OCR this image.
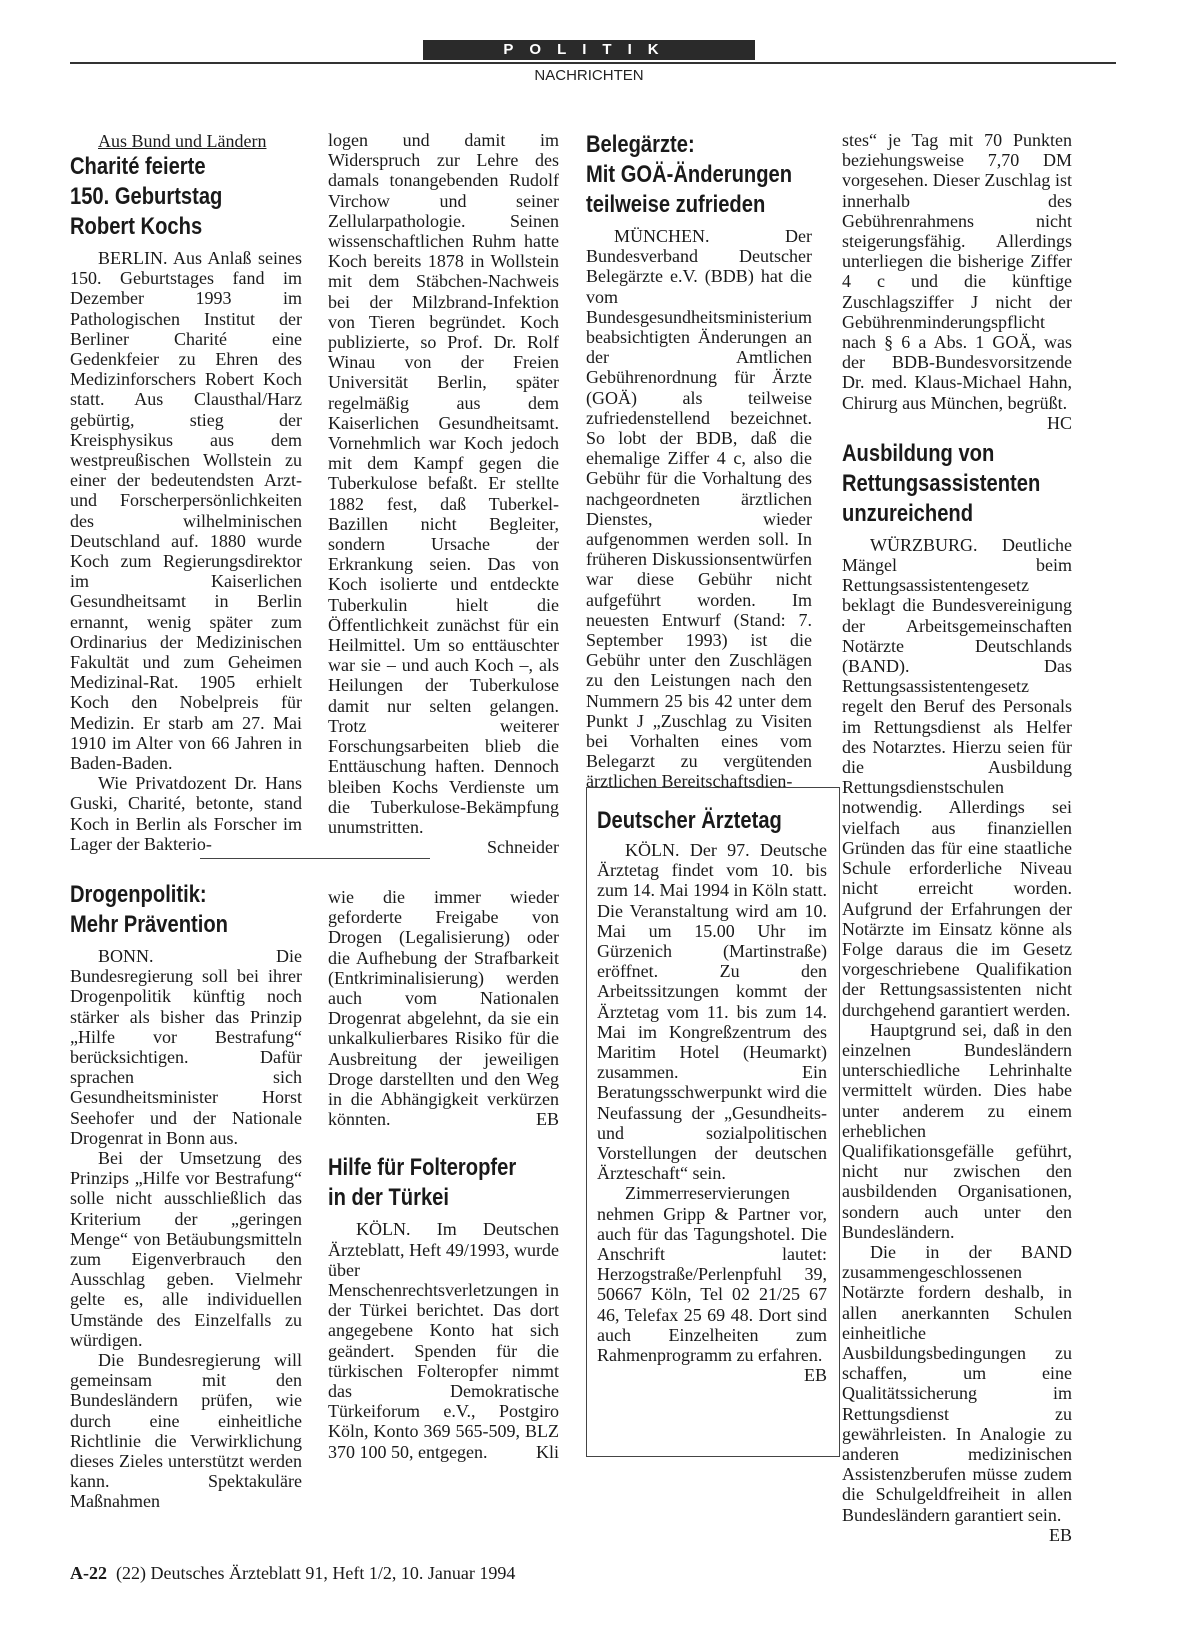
POLITIK
NACHRICHTEN

Aus Bund und Ländern

Charité feierte
150. Geburtstag
Robert Kochs

BERLIN. Aus Anlaß seines 150. Geburtstages fand im Dezember 1993 im Pathologischen Institut der Berliner Charité eine Gedenkfeier zu Ehren des Medizinforschers Robert Koch statt. Aus Clausthal/Harz gebürtig, stieg der Kreisphysikus aus dem westpreußischen Wollstein zu einer der bedeutendsten Arzt- und Forscherpersönlichkeiten des wilhelminischen Deutschland auf. 1880 wurde Koch zum Regierungsdirektor im Kaiserlichen Gesundheitsamt in Berlin ernannt, wenig später zum Ordinarius der Medizinischen Fakultät und zum Geheimen Medizinal-Rat. 1905 erhielt Koch den Nobelpreis für Medizin. Er starb am 27. Mai 1910 im Alter von 66 Jahren in Baden-Baden.

Wie Privatdozent Dr. Hans Guski, Charité, betonte, stand Koch in Berlin als Forscher im Lager der Bakterio-

logen und damit im Widerspruch zur Lehre des damals tonangebenden Rudolf Virchow und seiner Zellularpathologie. Seinen wissenschaftlichen Ruhm hatte Koch bereits 1878 in Wollstein mit dem Stäbchen-Nachweis bei der Milzbrand-Infektion von Tieren begründet. Koch publizierte, so Prof. Dr. Rolf Winau von der Freien Universität Berlin, später regelmäßig aus dem Kaiserlichen Gesundheitsamt. Vornehmlich war Koch jedoch mit dem Kampf gegen die Tuberkulose befaßt. Er stellte 1882 fest, daß Tuberkel-Bazillen nicht Begleiter, sondern Ursache der Erkrankung seien. Das von Koch isolierte und entdeckte Tuberkulin hielt die Öffentlichkeit zunächst für ein Heilmittel. Um so enttäuschter war sie – und auch Koch –, als Heilungen der Tuberkulose damit nur selten gelangen. Trotz weiterer Forschungsarbeiten blieb die Enttäuschung haften. Dennoch bleiben Kochs Verdienste um die Tuberkulose-Bekämpfung unumstritten.

Schneider

Belegärzte:
Mit GOÄ-Änderungen
teilweise zufrieden

MÜNCHEN. Der Bundesverband Deutscher Belegärzte e.V. (BDB) hat die vom Bundesgesundheitsministerium beabsichtigten Änderungen an der Amtlichen Gebührenordnung für Ärzte (GOÄ) als teilweise zufriedenstellend bezeichnet. So lobt der BDB, daß die ehemalige Ziffer 4 c, also die Gebühr für die Vorhaltung des nachgeordneten ärztlichen Dienstes, wieder aufgenommen werden soll. In früheren Diskussionsentwürfen war diese Gebühr nicht aufgeführt worden. Im neuesten Entwurf (Stand: 7. September 1993) ist die Gebühr unter den Zuschlägen zu den Leistungen nach den Nummern 25 bis 42 unter dem Punkt J „Zuschlag zu Visiten bei Vorhalten eines vom Belegarzt zu vergütenden ärztlichen Bereitschaftsdien-

stes“ je Tag mit 70 Punkten beziehungsweise 7,70 DM vorgesehen. Dieser Zuschlag ist innerhalb des Gebührenrahmens nicht steigerungsfähig. Allerdings unterliegen die bisherige Ziffer 4 c und die künftige Zuschlagsziffer J nicht der Gebührenminderungspflicht nach § 6 a Abs. 1 GOÄ, was der BDB-Bundesvorsitzende Dr. med. Klaus-Michael Hahn, Chirurg aus München, begrüßt.
HC

Ausbildung von
Rettungsassistenten
unzureichend

WÜRZBURG. Deutliche Mängel beim Rettungsassistentengesetz beklagt die Bundesvereinigung der Arbeitsgemeinschaften Notärzte Deutschlands (BAND). Das Rettungsassistentengesetz regelt den Beruf des Personals im Rettungsdienst als Helfer des Notarztes. Hierzu seien für die Ausbildung Rettungsdienstschulen notwendig. Allerdings sei vielfach aus finanziellen Gründen das für eine staatliche Schule erforderliche Niveau nicht erreicht worden. Aufgrund der Erfahrungen der Notärzte im Einsatz könne als Folge daraus die im Gesetz vorgeschriebene Qualifikation der Rettungsassistenten nicht durchgehend garantiert werden.

Hauptgrund sei, daß in den einzelnen Bundesländern unterschiedliche Lehrinhalte vermittelt würden. Dies habe unter anderem zu einem erheblichen Qualifikationsgefälle geführt, nicht nur zwischen den ausbildenden Organisationen, sondern auch unter den Bundesländern.

Die in der BAND zusammengeschlossenen Notärzte fordern deshalb, in allen anerkannten Schulen einheitliche Ausbildungsbedingungen zu schaffen, um eine Qualitätssicherung im Rettungsdienst zu gewährleisten. In Analogie zu anderen medizinischen Assistenzberufen müsse zudem die Schulgeldfreiheit in allen Bundesländern garantiert sein.
EB

Drogenpolitik:
Mehr Prävention

BONN. Die Bundesregierung soll bei ihrer Drogenpolitik künftig noch stärker als bisher das Prinzip „Hilfe vor Bestrafung“ berücksichtigen. Dafür sprachen sich Gesundheitsminister Horst Seehofer und der Nationale Drogenrat in Bonn aus.

Bei der Umsetzung des Prinzips „Hilfe vor Bestrafung“ solle nicht ausschließlich das Kriterium der „geringen Menge“ von Betäubungsmitteln zum Eigenverbrauch den Ausschlag geben. Vielmehr gelte es, alle individuellen Umstände des Einzelfalls zu würdigen.

Die Bundesregierung will gemeinsam mit den Bundesländern prüfen, wie durch eine einheitliche Richtlinie die Verwirklichung dieses Zieles unterstützt werden kann. Spektakuläre Maßnahmen

wie die immer wieder geforderte Freigabe von Drogen (Legalisierung) oder die Aufhebung der Strafbarkeit (Entkriminalisierung) werden auch vom Nationalen Drogenrat abgelehnt, da sie ein unkalkulierbares Risiko für die Ausbreitung der jeweiligen Droge darstellten und den Weg in die Abhängigkeit verkürzen könnten.	EB

Hilfe für Folteropfer
in der Türkei

KÖLN. Im Deutschen Ärzteblatt, Heft 49/1993, wurde über Menschenrechtsverletzungen in der Türkei berichtet. Das dort angegebene Konto hat sich geändert. Spenden für die türkischen Folteropfer nimmt das Demokratische Türkeiforum e.V., Postgiro Köln, Konto 369 565-509, BLZ 370 100 50, entgegen.	Kli

Deutscher Ärztetag

KÖLN. Der 97. Deutsche Ärztetag findet vom 10. bis zum 14. Mai 1994 in Köln statt. Die Veranstaltung wird am 10. Mai um 15.00 Uhr im Gürzenich (Martinstraße) eröffnet. Zu den Arbeitssitzungen kommt der Ärztetag vom 11. bis zum 14. Mai im Kongreßzentrum des Maritim Hotel (Heumarkt) zusammen. Ein Beratungsschwerpunkt wird die Neufassung der „Gesundheits- und sozialpolitischen Vorstellungen der deutschen Ärzteschaft“ sein.

Zimmerreservierungen nehmen Gripp & Partner vor, auch für das Tagungshotel. Die Anschrift lautet: Herzogstraße/Perlenpfuhl 39, 50667 Köln, Tel 02 21/25 67 46, Telefax 25 69 48. Dort sind auch Einzelheiten zum Rahmenprogramm zu erfahren.
EB

A-22 (22) Deutsches Ärzteblatt 91, Heft 1/2, 10. Januar 1994
